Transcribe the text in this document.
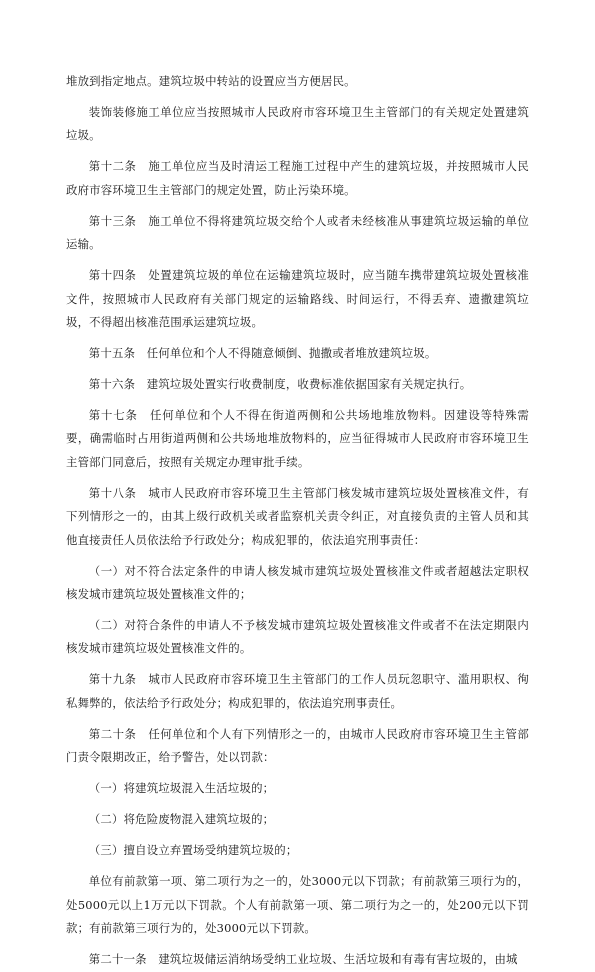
堆放到指定地点。建筑垃圾中转站的设置应当方便居民。

装饰装修施工单位应当按照城市人民政府市容环境卫生主管部门的有关规定处置建筑垃圾。

第十二条　施工单位应当及时清运工程施工过程中产生的建筑垃圾，并按照城市人民政府市容环境卫生主管部门的规定处置，防止污染环境。

第十三条　施工单位不得将建筑垃圾交给个人或者未经核准从事建筑垃圾运输的单位运输。

第十四条　处置建筑垃圾的单位在运输建筑垃圾时，应当随车携带建筑垃圾处置核准文件，按照城市人民政府有关部门规定的运输路线、时间运行，不得丢弃、遗撒建筑垃圾，不得超出核准范围承运建筑垃圾。

第十五条　任何单位和个人不得随意倾倒、抛撒或者堆放建筑垃圾。

第十六条　建筑垃圾处置实行收费制度，收费标准依据国家有关规定执行。

第十七条　任何单位和个人不得在街道两侧和公共场地堆放物料。因建设等特殊需要，确需临时占用街道两侧和公共场地堆放物料的，应当征得城市人民政府市容环境卫生主管部门同意后，按照有关规定办理审批手续。

第十八条　城市人民政府市容环境卫生主管部门核发城市建筑垃圾处置核准文件，有下列情形之一的，由其上级行政机关或者监察机关责令纠正，对直接负责的主管人员和其他直接责任人员依法给予行政处分；构成犯罪的，依法追究刑事责任：

（一）对不符合法定条件的申请人核发城市建筑垃圾处置核准文件或者超越法定职权核发城市建筑垃圾处置核准文件的；

（二）对符合条件的申请人不予核发城市建筑垃圾处置核准文件或者不在法定期限内核发城市建筑垃圾处置核准文件的。

第十九条　城市人民政府市容环境卫生主管部门的工作人员玩忽职守、滥用职权、徇私舞弊的，依法给予行政处分；构成犯罪的，依法追究刑事责任。

第二十条　任何单位和个人有下列情形之一的，由城市人民政府市容环境卫生主管部门责令限期改正，给予警告，处以罚款：

（一）将建筑垃圾混入生活垃圾的；

（二）将危险废物混入建筑垃圾的；

（三）擅自设立弃置场受纳建筑垃圾的；

单位有前款第一项、第二项行为之一的，处3000元以下罚款；有前款第三项行为的，处5000元以上1万元以下罚款。个人有前款第一项、第二项行为之一的，处200元以下罚款；有前款第三项行为的，处3000元以下罚款。

第二十一条　建筑垃圾储运消纳场受纳工业垃圾、生活垃圾和有毒有害垃圾的，由城
